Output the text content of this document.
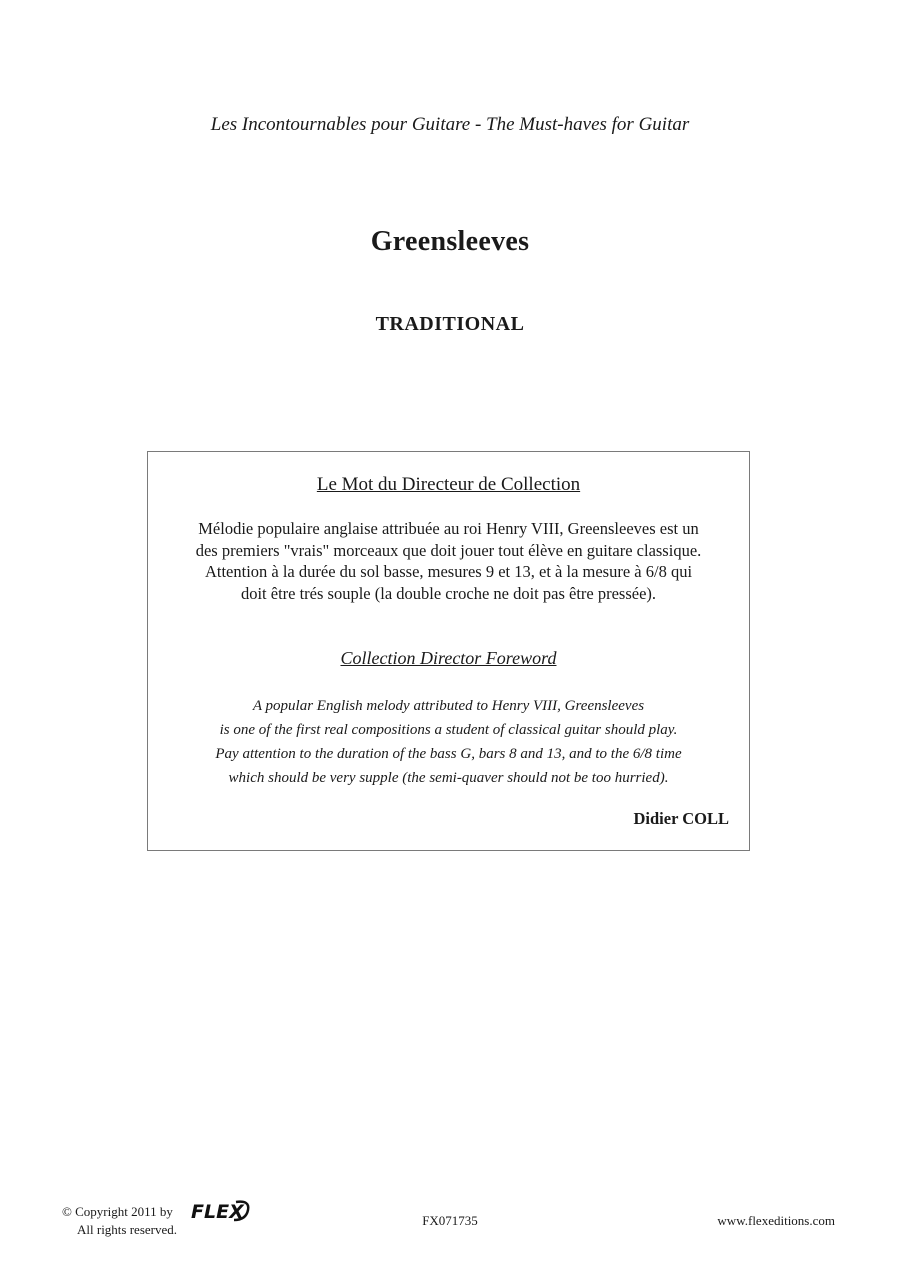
Les Incontournables pour Guitare - The Must-haves for Guitar
Greensleeves
TRADITIONAL
Le Mot du Directeur de Collection
Mélodie populaire anglaise attribuée au roi Henry VIII, Greensleeves est un
des premiers "vrais" morceaux que doit jouer tout élève en guitare classique.
Attention à la durée du sol basse, mesures 9 et 13, et à la mesure à 6/8 qui
doit être trés souple (la double croche ne doit pas être pressée).
Collection Director Foreword
A popular English melody attributed to Henry VIII, Greensleeves
is one of the first real compositions a student of classical guitar should play.
Pay attention to the duration of the bass G, bars 8 and 13, and to the 6/8 time
which should be very supple (the semi-quaver should not be too hurried).
Didier COLL
© Copyright 2011 by
All rights reserved.
FLEX	FX071735	www.flexeditions.com
